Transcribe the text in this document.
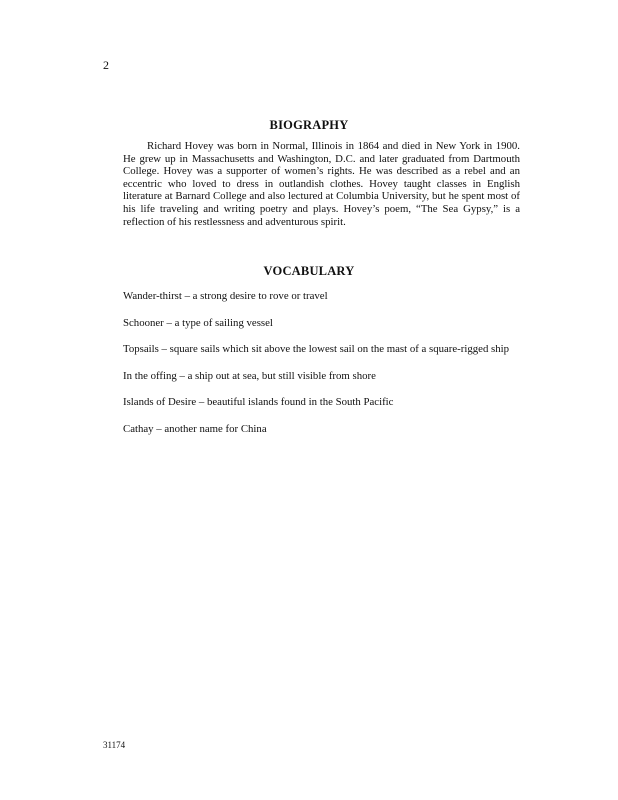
2
BIOGRAPHY

Richard Hovey was born in Normal, Illinois in 1864 and died in New York in 1900. He grew up in Massachusetts and Washington, D.C. and later graduated from Dartmouth College. Hovey was a supporter of women’s rights. He was described as a rebel and an eccentric who loved to dress in outlandish clothes. Hovey taught classes in English literature at Barnard College and also lectured at Columbia University, but he spent most of his life traveling and writing poetry and plays. Hovey’s poem, “The Sea Gypsy,” is a reflection of his restlessness and adventurous spirit.

VOCABULARY
Wander-thirst – a strong desire to rove or travel
Schooner – a type of sailing vessel
Topsails – square sails which sit above the lowest sail on the mast of a square-rigged ship
In the offing – a ship out at sea, but still visible from shore
Islands of Desire – beautiful islands found in the South Pacific
Cathay – another name for China
31174
